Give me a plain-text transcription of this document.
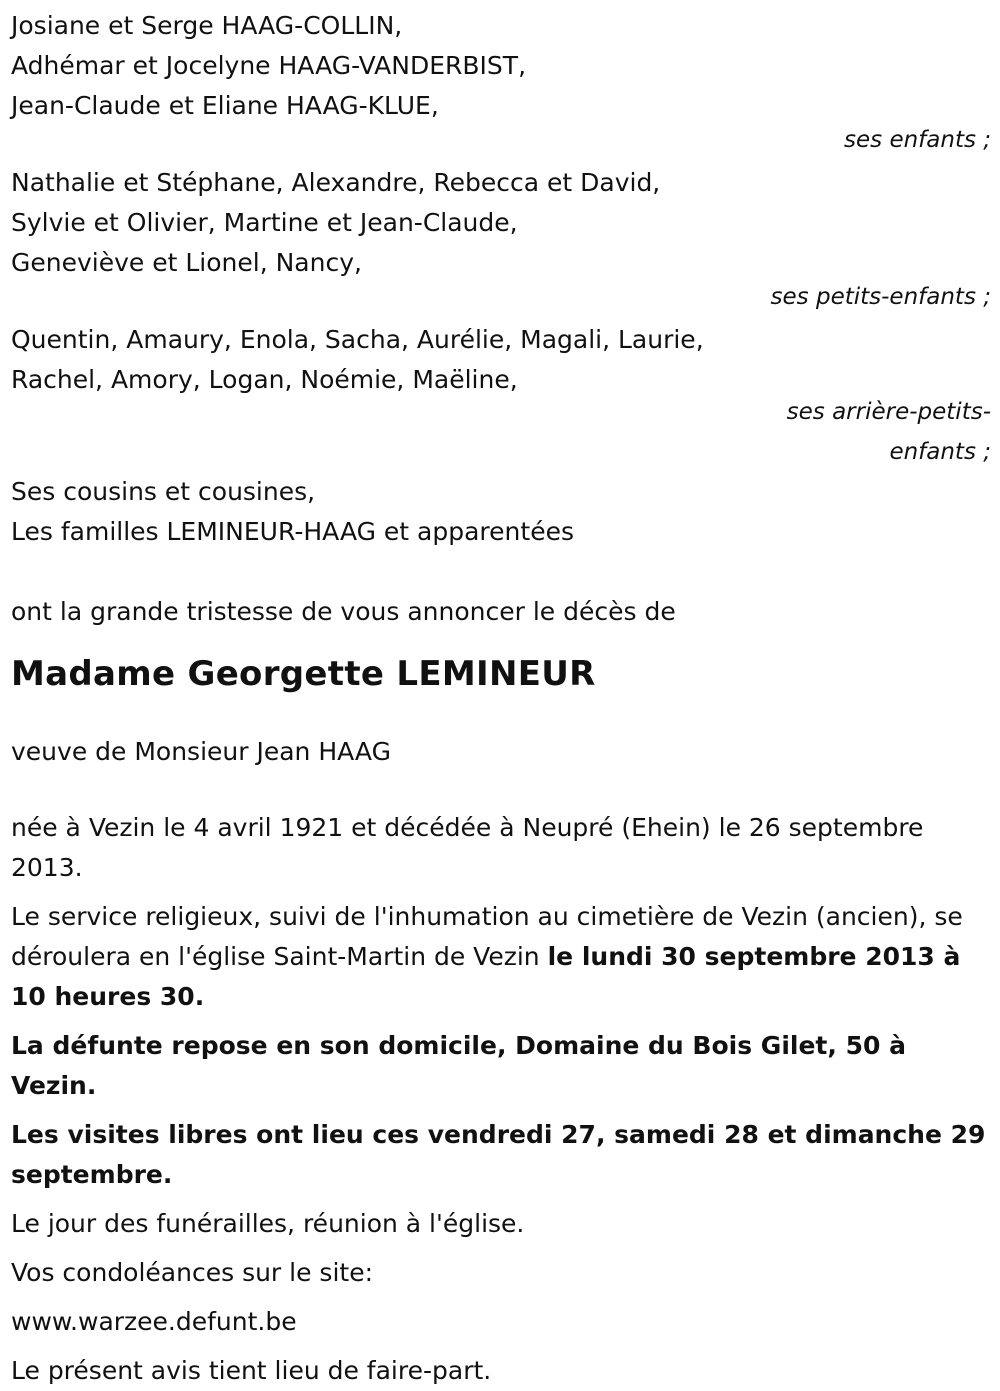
Josiane et Serge HAAG-COLLIN,
Adhémar et Jocelyne HAAG-VANDERBIST,
Jean-Claude et Eliane HAAG-KLUE,
ses enfants ;
Nathalie et Stéphane, Alexandre, Rebecca et David,
Sylvie et Olivier, Martine et Jean-Claude,
Geneviève et Lionel, Nancy,
ses petits-enfants ;
Quentin, Amaury, Enola, Sacha, Aurélie, Magali, Laurie,
Rachel, Amory, Logan, Noémie, Maëline,
ses arrière-petits-
enfants ;
Ses cousins et cousines,
Les familles LEMINEUR-HAAG et apparentées
ont la grande tristesse de vous annoncer le décès de
Madame Georgette LEMINEUR
veuve de Monsieur Jean HAAG
née à Vezin le 4 avril 1921 et décédée à Neupré (Ehein) le 26 septembre 2013.

Le service religieux, suivi de l'inhumation au cimetière de Vezin (ancien), se déroulera en l'église Saint-Martin de Vezin le lundi 30 septembre 2013 à 10 heures 30.

La défunte repose en son domicile, Domaine du Bois Gilet, 50 à Vezin.
Les visites libres ont lieu ces vendredi 27, samedi 28 et dimanche 29 septembre.
Le jour des funérailles, réunion à l'église.
Vos condoléances sur le site:
www.warzee.defunt.be
Le présent avis tient lieu de faire-part.
